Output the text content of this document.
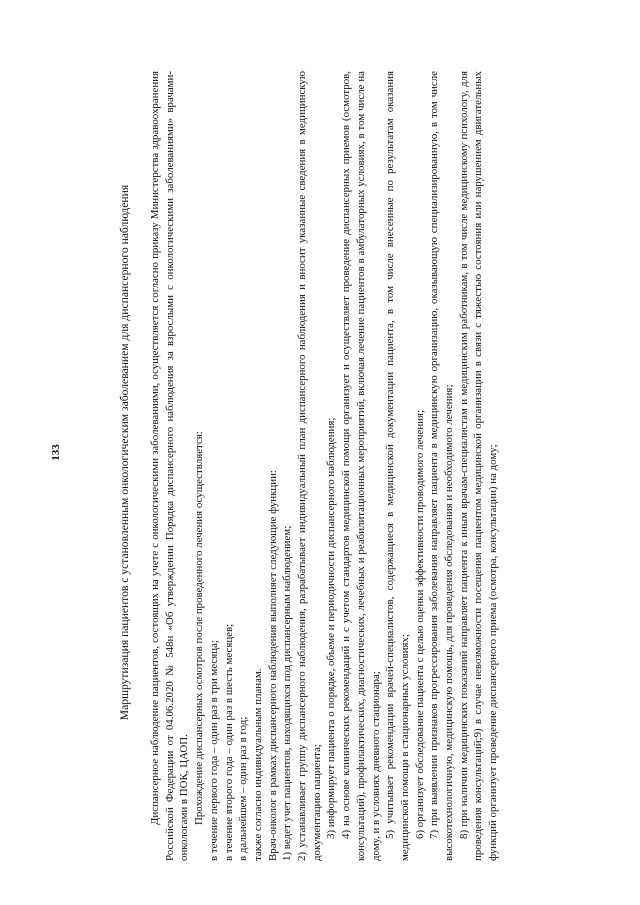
133	Маршрутизация пациентов с установленным онкологическим заболеванием для диспансерного наблюдения Диспансерное наблюдение пациентов, состоящих на учете с онкологическими заболеваниями, осуществляется согласно приказу Министерства здравоохранения Российской Федерации от 04.06.2020 № 548н «Об утверждении Порядка диспансерного наблюдения за взрослыми с онкологическими заболеваниями» врачами-онкологами в ПОК, ЦАОП. Прохождение диспансерных осмотров после проведенного лечения осуществляется: в течение первого года – один раз в три месяца; в течение второго года – один раз в шесть месяцев; в дальнейшем – один раз в год; также согласно индивидуальным планам. Врач-онколог в рамках диспансерного наблюдения выполняет следующие функции: 1) ведет учет пациентов, находящихся под диспансерным наблюдением; 2) устанавливает группу диспансерного наблюдения, разрабатывает индивидуальный план диспансерного наблюдения и вносит указанные сведения в медицинскую документацию пациента; 3) информирует пациента о порядке, объеме и периодичности диспансерного наблюдения; 4) на основе клинических рекомендаций и с учетом стандартов медицинской помощи организует и осуществляет проведение диспансерных приемов (осмотров, консультаций), профилактических, диагностических, лечебных и реабилитационных мероприятий, включая лечение пациентов в амбулаторных условиях, в том числе на дому, и в условиях дневного стационара; 5) учитывает рекомендации врачей-специалистов, содержащиеся в медицинской документации пациента, в том числе внесенные по результатам оказания медицинской помощи в стационарных условиях; 6) организует обследование пациента с целью оценки эффективности проводимого лечения; 7) при выявлении признаков прогрессирования заболевания направляет пациента в медицинскую организацию, оказывающую специализированную, в том числе высокотехнологичную, медицинскую помощь, для проведения обследования и необходимого лечения; 8) при наличии медицинских показаний направляет пациента к иным врачам-специалистам и медицинским работникам, в том числе медицинскому психологу, для проведения консультаций;9) в случае невозможности посещения пациентом медицинской организации в связи с тяжестью состояния или нарушением двигательных функций организует проведение диспансерного приема (осмотра, консультации) на дому;
